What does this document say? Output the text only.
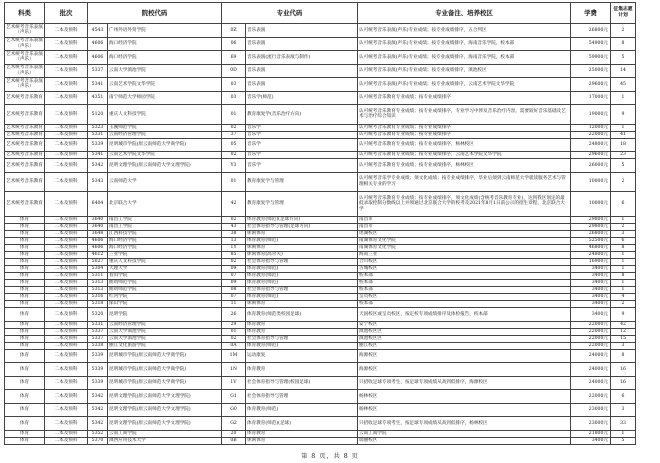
科类	批次	院校代码		专业代码		专业备注、培养校区	学费	征集志愿计划
艺术统考音乐表演（声乐）	二本及预科	4543	广州外语外贸学院	0Z	音乐表演	认可统考音乐表演(声乐)专业成绩；按专业成绩排序，五合列区	26800元	2
艺术统考音乐表演（声乐）	二本及预科	4606	海口经济学院	06	音乐表演	认可统考音乐表演(声乐)专业成绩；按专业成绩排序，海南音乐学院，校本部	54900元	8
艺术统考音乐表演（声乐）	二本及预科	4606	海口经济学院	69	音乐表演(流行音乐表演与制作)	认可统考音乐表演(声乐)专业成绩；按专业成绩排序，海南音乐学院，校本部	59900元	5
艺术统考音乐表演（声乐）	二本及预科	5337	云南大学滇池学院	0D	音乐表演	认可统考音乐表演(声乐)专业成绩；按专业成绩排序，滇池校区	25000元	14
艺术统考音乐表演（声乐）	二本及预科	5341	云南艺术学院文华学院	03	音乐表演	认可统考音乐表演(声乐)专业成绩；按专业成绩排序，云南艺术学院文华学院	29600元	45
艺术统考音乐教育	二本及预科	4351	南宁师范大学师园学院	03	音乐学(师范)	认可统考音乐教育专业成绩；按专业成绩排序	17000元	1
艺术统考音乐教育	二本及预科	5120	重庆人文科技学院	01	教育康复学(音乐治疗方向)	认可统考音乐教育专业成绩；按专业成绩排序，专业学习中涉及音乐治疗内容，需要较好音乐基础及艺术与治疗综合知识	19000元	9
艺术统考音乐教育	二本及预科	5323	玉溪师范学院	02	音乐学	认可统考音乐教育专业成绩；按专业成绩排序	12000元	1
艺术统考音乐教育	二本及预科	5331	云南经济管理学院	37	音乐学	认可统考音乐教育专业成绩；按专业成绩排序	22000元	41
艺术统考音乐教育	二本及预科	5339	昆明城市学院(原云南师范大学商学院)	05	音乐学	认可统考音乐教育专业成绩；按专业成绩排序，杨林校区	24800元	18
艺术统考音乐教育	二本及预科	5341	云南艺术学院文华学院	02	音乐学	认可统考音乐教育专业成绩；按专业成绩排序，云南艺术学院文华学院	29600元	23
艺术统考音乐教育	二本及预科	5342	昆明文理学院(原云南师范大学文理学院)	Y3	音乐学	认可统考音乐教育专业成绩；按专业成绩排序，杨林校区	26000元	5
艺术统考音乐教育	二本及预科	5343	云南师范大学	01	教育康复学与管理	认可统考音乐学专业成绩；须文化成绩；按专业成绩排序，毕业后须到云南师范大学就读服务艺术与管理相关专业的学习	10000元	2
艺术统考音乐教育	二本及预科	6404	北京联合大学	42	教育康复学与管理	认可统考音乐教育专业成绩；按专业成绩排序，须文化成绩(含统考音乐教育专业)，达到我区划定的最低录取控制分数线以上并须通过北京联合大学的校考及2021年8月1日前公示的招生章程，北京联合大学	10000元	6
体育	二本及预科	3640	南昌工学院	02	体育教育(师范)(足球方向)	南昌市	29800元	1
体育	二本及预科	3640	南昌工学院	43	社会体育指导与管理(足球方向)	南昌市	29800元	2
体育	二本及预科	3648	江西科技学院	38	休闲体育	瑶湖校区	26800元	3
体育	二本及预科	4606	海口经济学院	13	体育教育(师范)	南湖体育文化学院	52500元	6
体育	二本及预科	4606	海口经济学院	1Y	休闲体育	南湖体育文化学院	46800元	8
体育	二本及预科	4612	三亚学院	85	休闲体育(高尔夫)	海南三亚	24800元	1
体育	二本及预科	5027	重庆人文科技学院	02	社会体育指导与管理	合川校区	16900元	1
体育	二本及预科	5304	大理大学	09	体育教育(师范)	古城校区	3400元	1
体育	二本及预科	5311	普洱学院	07	体育教育(师范)	校本部	3400元	8
体育	二本及预科	5313	曲靖师范学院	09	体育教育(师范)	校本部	3400元	1
体育	二本及预科	5313	曲靖师范学院	08	社会体育指导与管理	校本部	3400元	1
体育	二本及预科	5316	红河学院	07	体育教育(师范)	呈贡校区	3400元	4
体育	二本及预科	5318	保山学院	11	休闲体育	校本部	3400元	2
体育	二本及预科	5320	昆明学院	26	体育教育(师范类校园足球)	天国校区或呈贡校区，按定校专项成绩排序及体检报告，校本部	3400元	9
体育	二本及预科	5331	云南经济管理学院	29	体育教育	安宁校区	22000元	42
体育	二本及预科	5337	云南大学滇池学院	01	体育教育	滇池校区区	22000元	12
体育	二本及预科	5337	云南大学滇池学院	02	社会体育指导与管理	滇池校区区	22000元	15
体育	二本及预科	5338	丽江文化旅游学院	0A	体育教育(师范)	丽江校区	22000元	3
体育	二本及预科	5339	昆明城市学院(原云南师范大学商学院)	1M	运动康复	海源校区	24000元	8
体育	二本及预科	5339	昆明城市学院(原云南师范大学商学院)	1N	体育教育	海源校区	24000元	16
体育	二本及预科	5339	昆明城市学院(原云南师范大学商学院)	1V	社会体育指导与管理(校园足球)	只招收足球专项考生，按足球专项成绩从高到低排序，海源校区	24000元	16
体育	二本及预科	5342	昆明文理学院(原云南师范大学文理学院)	G1	社会体育指导与管理	杨林校区	22000元	6
体育	二本及预科	5342	昆明文理学院(原云南师范大学文理学院)	G0	体育教育(师范)	杨林校区	23000元	3
体育	二本及预科	5342	昆明文理学院(原云南师范大学文理学院)	G2	体育教育(师范)(足球)	只招收足球专项考生，按足球专项成绩从高到低排序，杨林校区	23000元	33
体育	二本及预科	5352	云南工商学院	20	体育教育	云南工商学院	21800元	1
体育	二本及预科	5370	滇西应用技术大学	0B	休闲体育	瑞丽校区	3400元	5
第 8 页，共 8 页
